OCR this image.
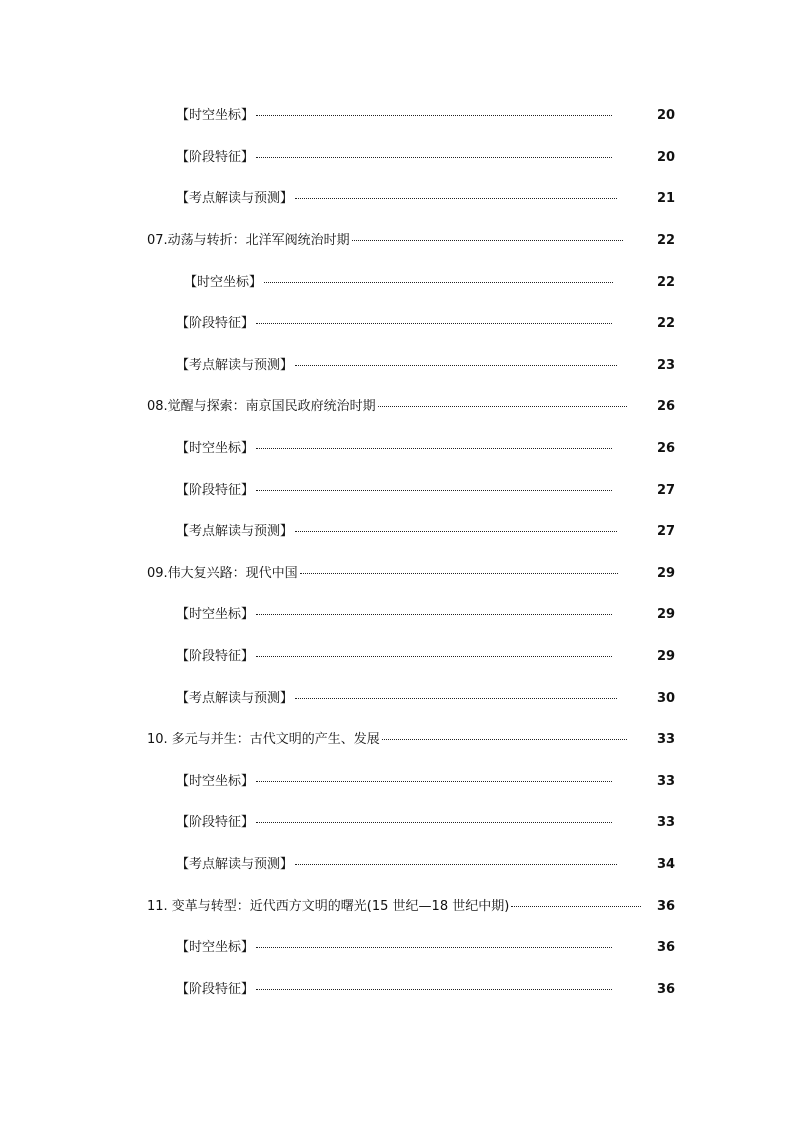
【时空坐标】	20
【阶段特征】	20
【考点解读与预测】	21
07.动荡与转折：北洋军阀统治时期	22
【时空坐标】	22
【阶段特征】	22
【考点解读与预测】	23
08.觉醒与探索：南京国民政府统治时期	26
【时空坐标】	26
【阶段特征】	27
【考点解读与预测】	27
09.伟大复兴路：现代中国	29
【时空坐标】	29
【阶段特征】	29
【考点解读与预测】	30
10. 多元与并生：古代文明的产生、发展	33
【时空坐标】	33
【阶段特征】	33
【考点解读与预测】	34
11. 变革与转型：近代西方文明的曙光(15 世纪—18 世纪中期)	36
【时空坐标】	36
【阶段特征】	36
